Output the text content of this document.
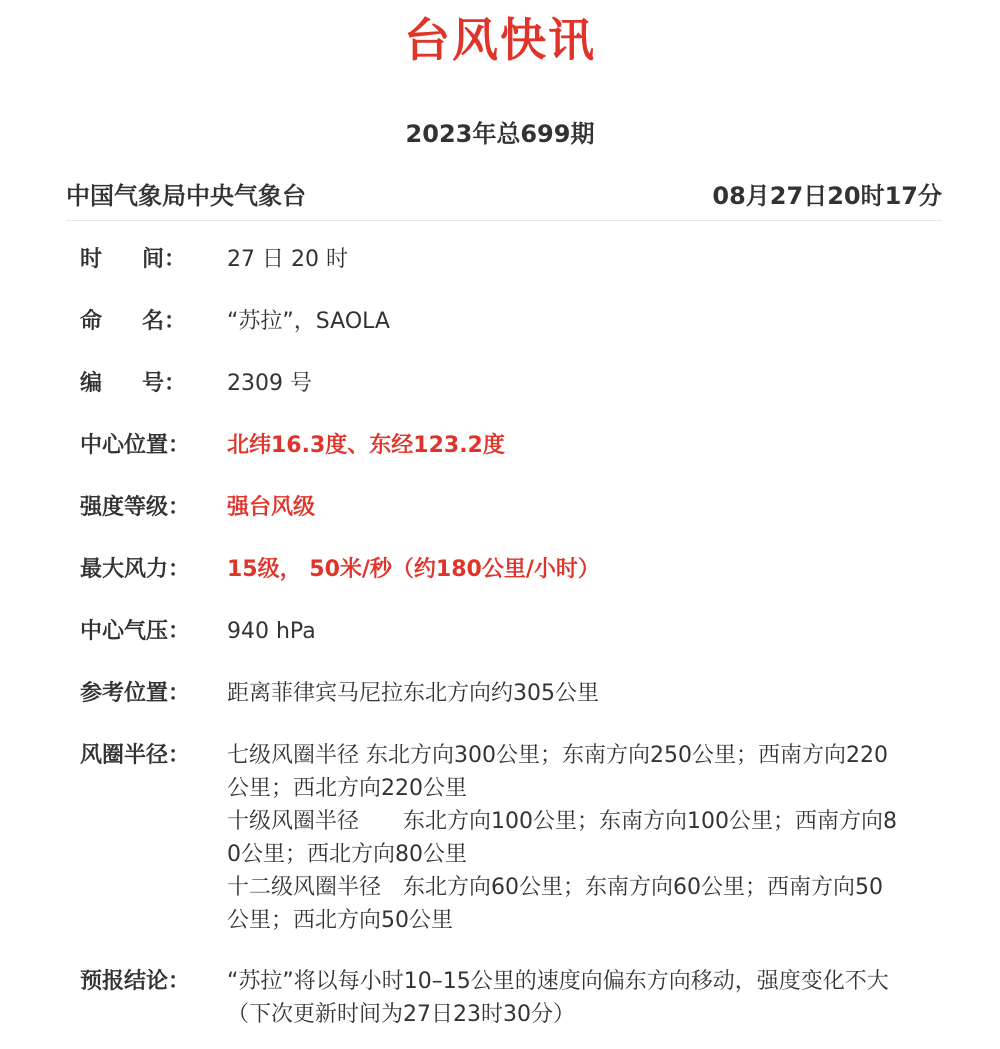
台风快讯
2023年总699期
中国气象局中央气象台	08月27日20时17分
时 间 ：	27 日 20 时
命 名 ：	“苏拉”，SAOLA
编 号 ：	2309 号
中心位置：	北纬16.3度、东经123.2度
强度等级：	强台风级
最大风力：	15级， 50米/秒（约180公里/小时）
中心气压：	940 hPa
参考位置：	距离菲律宾马尼拉东北方向约305公里
风圈半径：	七级风圈半径 东北方向300公里；东南方向250公里；西南方向220
公里；西北方向220公里
十级风圈半径　　东北方向100公里；东南方向100公里；西南方向8
0公里；西北方向80公里
十二级风圈半径　东北方向60公里；东南方向60公里；西南方向50
公里；西北方向50公里
预报结论：	“苏拉”将以每小时10–15公里的速度向偏东方向移动，强度变化不大
（下次更新时间为27日23时30分）
